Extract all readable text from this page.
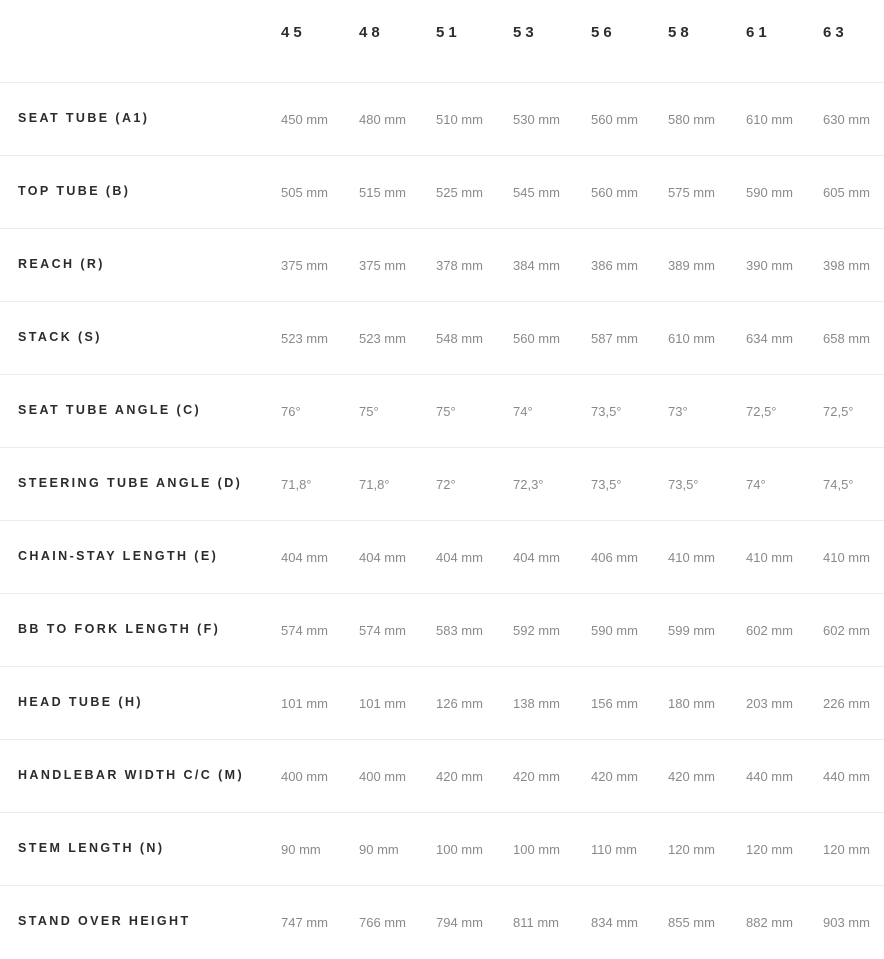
45	48	51	53	56	58	61	63
SEAT TUBE (A1)	450 mm 480 mm 510 mm 530 mm 560 mm 580 mm 610 mm 630 mm
TOP TUBE (B)	505 mm 515 mm 525 mm 545 mm 560 mm 575 mm 590 mm 605 mm
REACH (R)	375 mm 375 mm 378 mm 384 mm 386 mm 389 mm 390 mm 398 mm
STACK (S)	523 mm 523 mm 548 mm 560 mm 587 mm 610 mm 634 mm 658 mm
SEAT TUBE ANGLE (C)	76°	75°	75°	74°	73,5°	73°	72,5°	72,5°
STEERING TUBE ANGLE (D)	71,8°	71,8°	72°	72,3°	73,5°	73,5°	74°	74,5°
CHAIN-STAY LENGTH (E)	404 mm 404 mm 404 mm 404 mm 406 mm 410 mm 410 mm 410 mm
BB TO FORK LENGTH (F)	574 mm 574 mm 583 mm 592 mm 590 mm 599 mm 602 mm 602 mm
HEAD TUBE (H)	101 mm 101 mm 126 mm 138 mm 156 mm 180 mm 203 mm 226 mm
HANDLEBAR WIDTH C/C (M)	400 mm 400 mm 420 mm 420 mm 420 mm 420 mm 440 mm 440 mm
STEM LENGTH (N)	90 mm	90 mm	100 mm 100 mm 110 mm 120 mm 120 mm 120 mm
STAND OVER HEIGHT	747 mm 766 mm 794 mm 811 mm 834 mm 855 mm 882 mm 903 mm
